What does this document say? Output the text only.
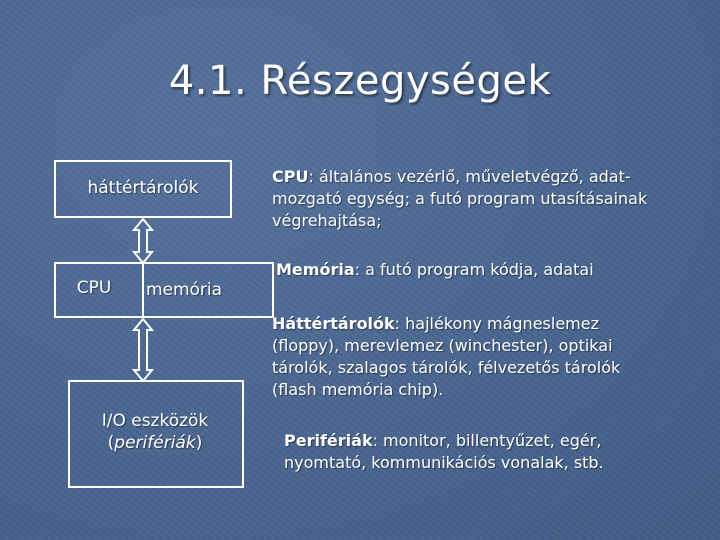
4.1. Részegységek
háttértárolók
CPU	memória
I/O eszközök
(perifériák)
CPU: általános vezérlő, műveletvégző, adat-mozgató egység; a futó program utasításainak végrehajtása;
Memória: a futó program kódja, adatai
Háttértárolók: hajlékony mágneslemez (floppy), merevlemez (winchester), optikai tárolók, szalagos tárolók, félvezetős tárolók (flash memória chip).
Perifériák: monitor, billentyűzet, egér, nyomtató, kommunikációs vonalak, stb.
